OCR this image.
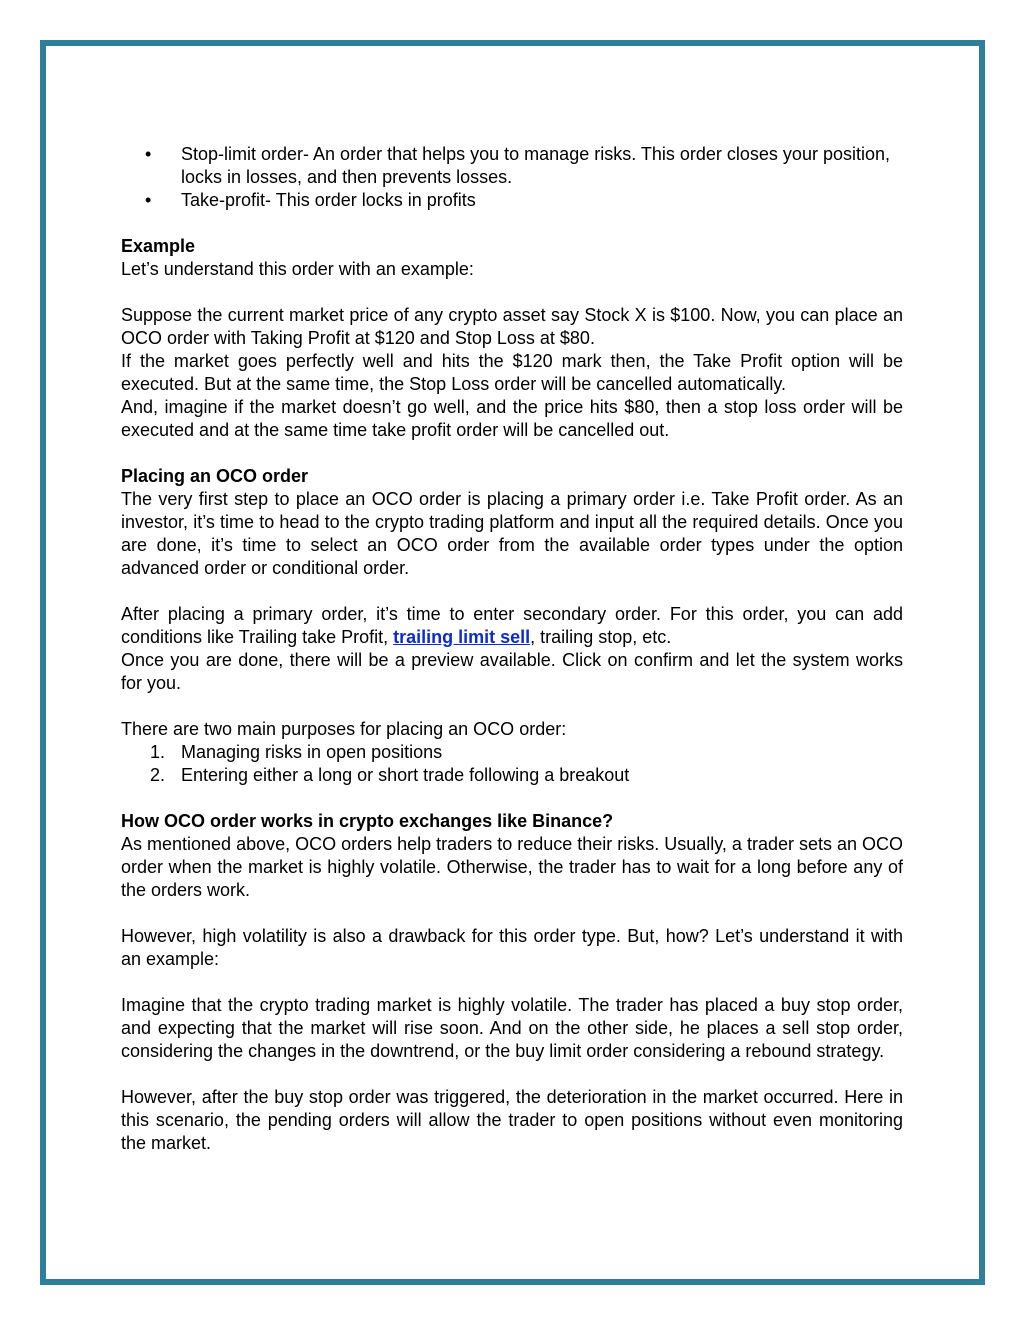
• Stop-limit order- An order that helps you to manage risks. This order closes your position, locks in losses, and then prevents losses.
• Take-profit- This order locks in profits

Example

Let’s understand this order with an example:

Suppose the current market price of any crypto asset say Stock X is $100. Now, you can place an OCO order with Taking Profit at $120 and Stop Loss at $80.

If the market goes perfectly well and hits the $120 mark then, the Take Profit option will be executed. But at the same time, the Stop Loss order will be cancelled automatically.

And, imagine if the market doesn’t go well, and the price hits $80, then a stop loss order will be executed and at the same time take profit order will be cancelled out.

Placing an OCO order

The very first step to place an OCO order is placing a primary order i.e. Take Profit order. As an investor, it’s time to head to the crypto trading platform and input all the required details. Once you are done, it’s time to select an OCO order from the available order types under the option advanced order or conditional order.

After placing a primary order, it’s time to enter secondary order. For this order, you can add conditions like Trailing take Profit, trailing limit sell, trailing stop, etc.

Once you are done, there will be a preview available. Click on confirm and let the system works for you.

There are two main purposes for placing an OCO order:

1. Managing risks in open positions
2. Entering either a long or short trade following a breakout

How OCO order works in crypto exchanges like Binance?

As mentioned above, OCO orders help traders to reduce their risks. Usually, a trader sets an OCO order when the market is highly volatile. Otherwise, the trader has to wait for a long before any of the orders work.

However, high volatility is also a drawback for this order type. But, how? Let’s understand it with an example:

Imagine that the crypto trading market is highly volatile. The trader has placed a buy stop order, and expecting that the market will rise soon. And on the other side, he places a sell stop order, considering the changes in the downtrend, or the buy limit order considering a rebound strategy.

However, after the buy stop order was triggered, the deterioration in the market occurred. Here in this scenario, the pending orders will allow the trader to open positions without even monitoring the market.
